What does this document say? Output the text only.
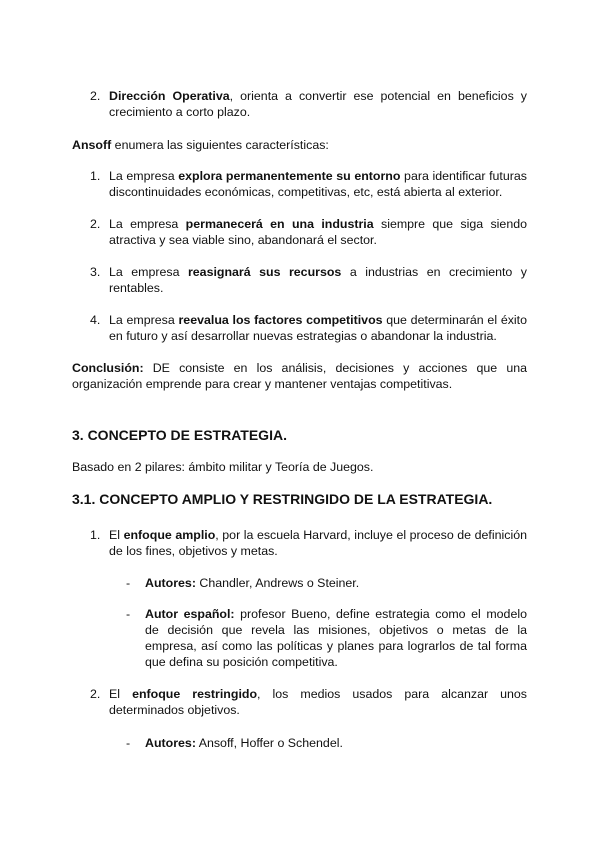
2. Dirección Operativa, orienta a convertir ese potencial en beneficios y crecimiento a corto plazo.
Ansoff enumera las siguientes características:
1. La empresa explora permanentemente su entorno para identificar futuras discontinuidades económicas, competitivas, etc, está abierta al exterior.
2. La empresa permanecerá en una industria siempre que siga siendo atractiva y sea viable sino, abandonará el sector.
3. La empresa reasignará sus recursos a industrias en crecimiento y rentables.
4. La empresa reevalua los factores competitivos que determinarán el éxito en futuro y así desarrollar nuevas estrategias o abandonar la industria.
Conclusión: DE consiste en los análisis, decisiones y acciones que una organización emprende para crear y mantener ventajas competitivas.
3. CONCEPTO DE ESTRATEGIA.
Basado en 2 pilares: ámbito militar y Teoría de Juegos.
3.1. CONCEPTO AMPLIO Y RESTRINGIDO DE LA ESTRATEGIA.
1. El enfoque amplio, por la escuela Harvard, incluye el proceso de definición de los fines, objetivos y metas.
- Autores: Chandler, Andrews o Steiner.
- Autor español: profesor Bueno, define estrategia como el modelo de decisión que revela las misiones, objetivos o metas de la empresa, así como las políticas y planes para lograrlos de tal forma que defina su posición competitiva.
2. El enfoque restringido, los medios usados para alcanzar unos determinados objetivos.
- Autores: Ansoff, Hoffer o Schendel.
